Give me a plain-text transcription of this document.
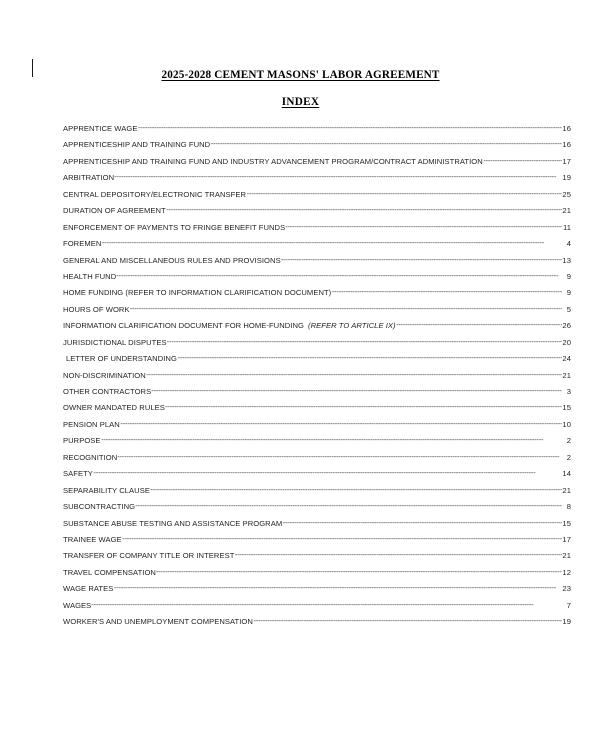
2025-2028 CEMENT MASONS' LABOR AGREEMENT
INDEX
APPRENTICE WAGE -----	16
APPRENTICESHIP AND TRAINING FUND -----	16
APPRENTICESHIP AND TRAINING FUND AND INDUSTRY ADVANCEMENT PROGRAM/CONTRACT ADMINISTRATION -----	17
ARBITRATION -----	19
CENTRAL DEPOSITORY/ELECTRONIC TRANSFER -----	25
DURATION OF AGREEMENT -----	21
ENFORCEMENT OF PAYMENTS TO FRINGE BENEFIT FUNDS -----	11
FOREMEN -----	4
GENERAL AND MISCELLANEOUS RULES AND PROVISIONS -----	13
HEALTH FUND -----	9
HOME FUNDING (REFER TO INFORMATION CLARIFICATION DOCUMENT) -----	9
HOURS OF WORK -----	5
INFORMATION CLARIFICATION DOCUMENT FOR HOME-FUNDING (REFER TO ARTICLE IX) -----	26
JURISDICTIONAL DISPUTES -----	20
LETTER OF UNDERSTANDING -----	24
NON-DISCRIMINATION -----	21
OTHER CONTRACTORS -----	3
OWNER MANDATED RULES -----	15
PENSION PLAN -----	10
PURPOSE -----	2
RECOGNITION -----	2
SAFETY -----	14
SEPARABILITY CLAUSE -----	21
SUBCONTRACTING -----	8
SUBSTANCE ABUSE TESTING AND ASSISTANCE PROGRAM -----	15
TRAINEE WAGE -----	17
TRANSFER OF COMPANY TITLE OR INTEREST -----	21
TRAVEL COMPENSATION -----	12
WAGE RATES -----	23
WAGES -----	7
WORKER'S AND UNEMPLOYMENT COMPENSATION -----	19
